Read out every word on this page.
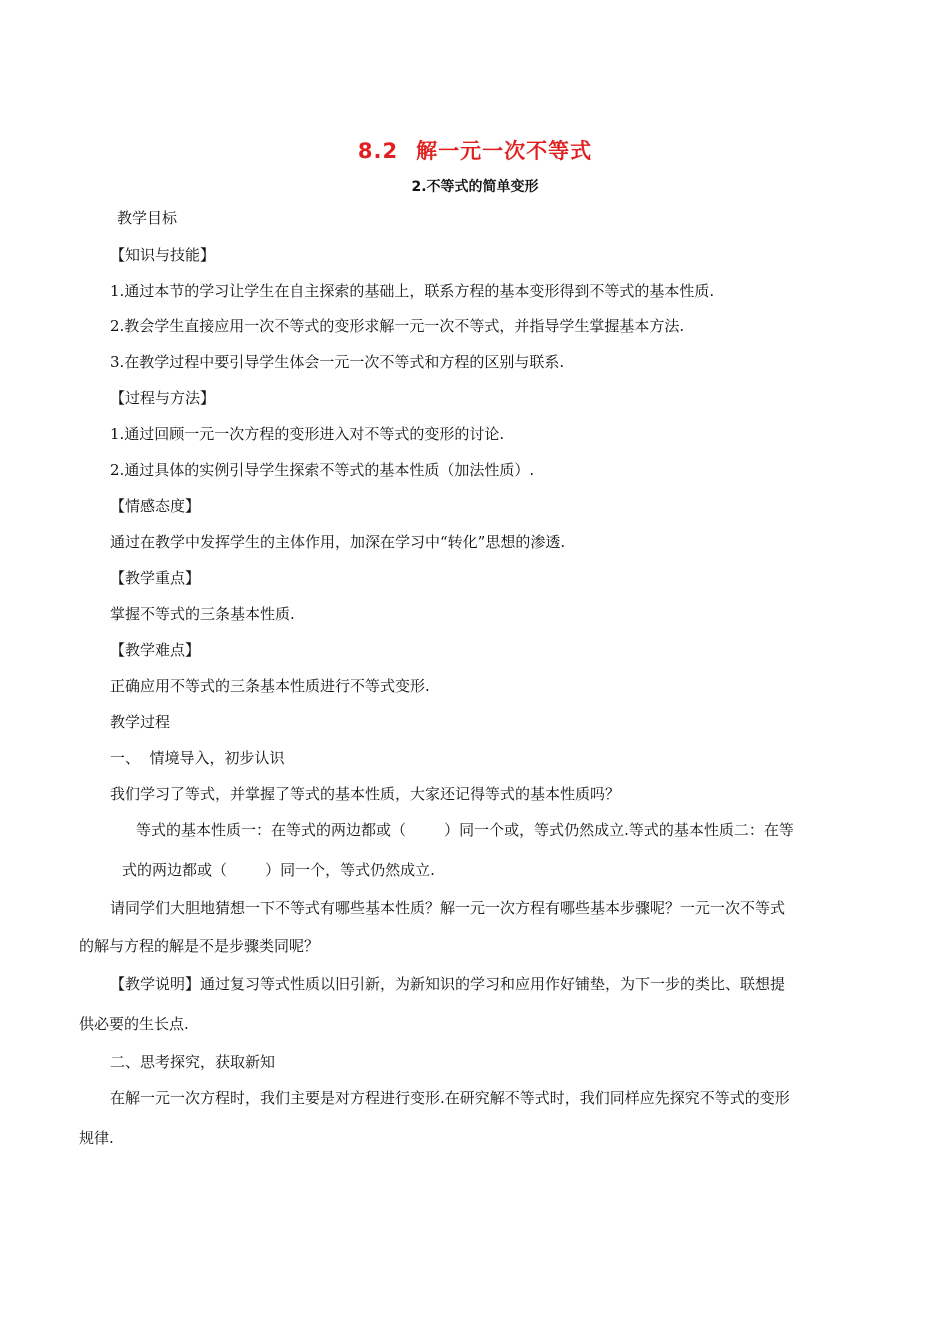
8.2 解一元一次不等式
2.不等式的简单变形
教学目标
【知识与技能】
1.通过本节的学习让学生在自主探索的基础上，联系方程的基本变形得到不等式的基本性质.
2.教会学生直接应用一次不等式的变形求解一元一次不等式，并指导学生掌握基本方法.
3.在教学过程中要引导学生体会一元一次不等式和方程的区别与联系.
【过程与方法】
1.通过回顾一元一次方程的变形进入对不等式的变形的讨论.
2.通过具体的实例引导学生探索不等式的基本性质（加法性质）.
【情感态度】
通过在教学中发挥学生的主体作用，加深在学习中“转化”思想的渗透.
【教学重点】
掌握不等式的三条基本性质.
【教学难点】
正确应用不等式的三条基本性质进行不等式变形.
教学过程
一、  情境导入，初步认识
我们学习了等式，并掌握了等式的基本性质，大家还记得等式的基本性质吗？
等式的基本性质一：在等式的两边都或（        ）同一个或，等式仍然成立.等式的基本性质二：在等
式的两边都或（        ）同一个，等式仍然成立.
请同学们大胆地猜想一下不等式有哪些基本性质？解一元一次方程有哪些基本步骤呢？一元一次不等式
的解与方程的解是不是步骤类同呢？
【教学说明】通过复习等式性质以旧引新，为新知识的学习和应用作好铺垫，为下一步的类比、联想提
供必要的生长点.
二、思考探究，获取新知
在解一元一次方程时，我们主要是对方程进行变形.在研究解不等式时，我们同样应先探究不等式的变形
规律.
